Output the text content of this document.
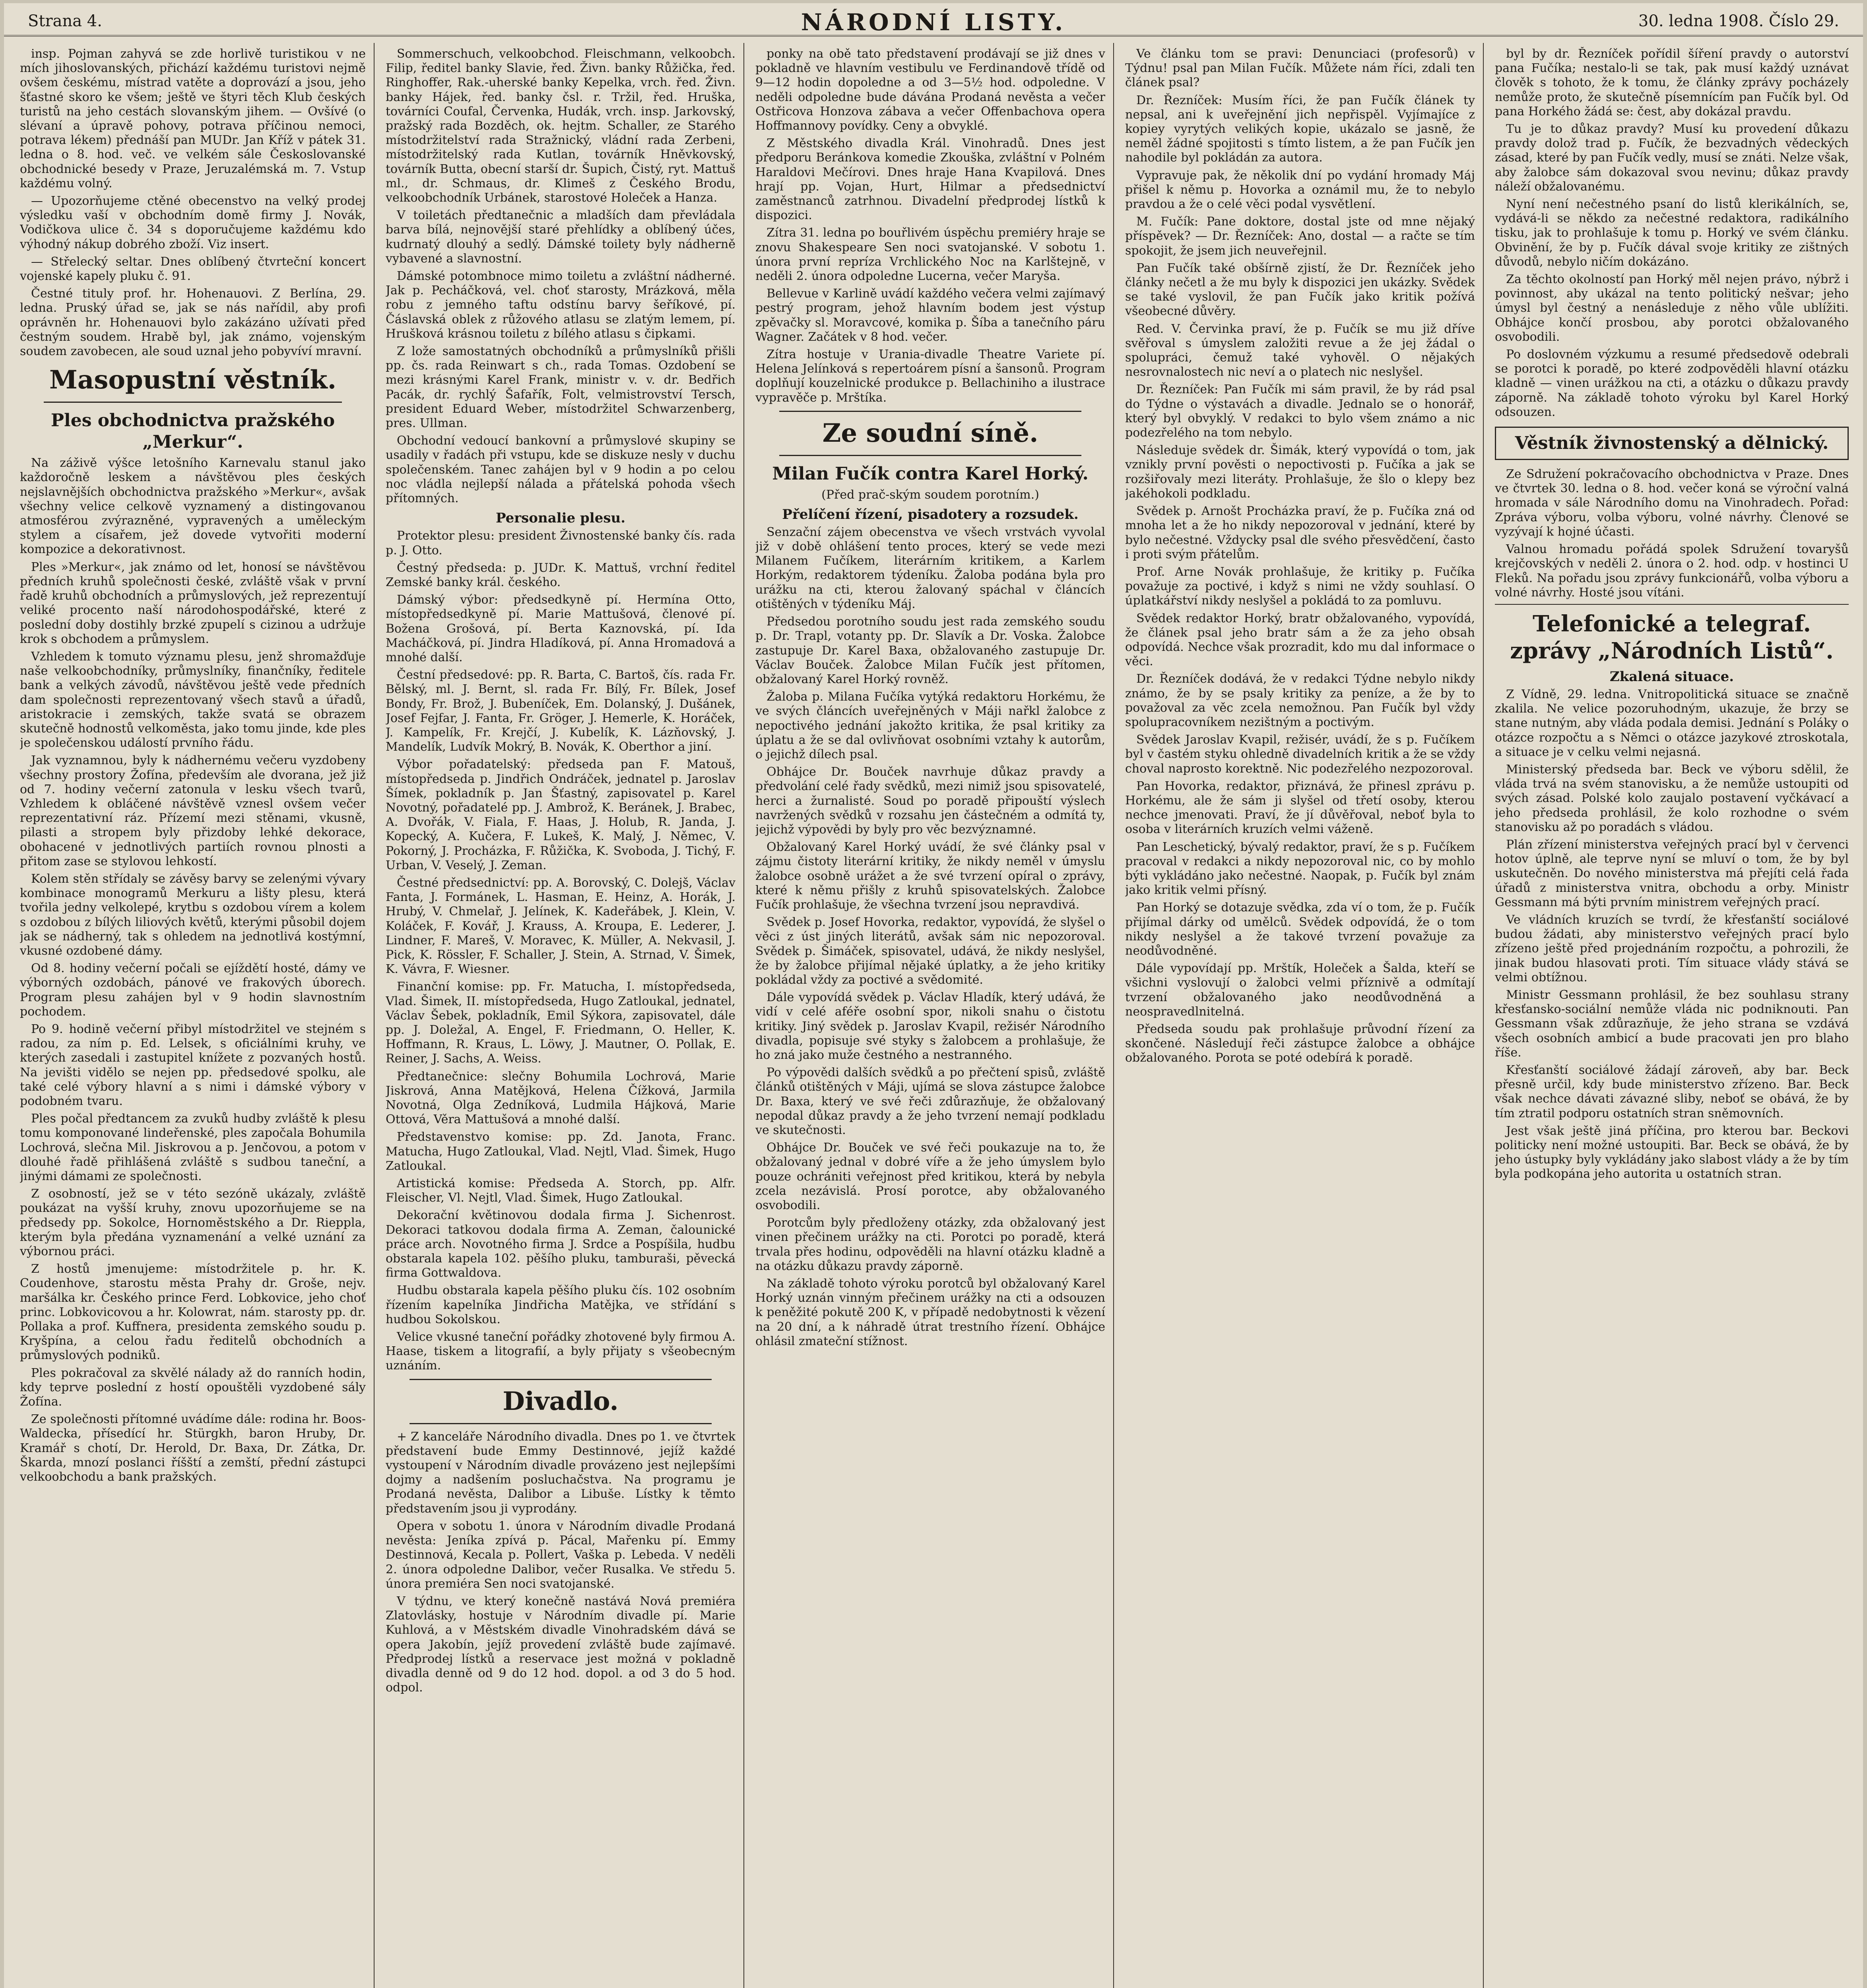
Strana 4.	NÁRODNÍ LISTY.	30. ledna 1908. Číslo 29.

insp. Pojman zahyvá se zde horlivě turistikou v ne mích jihoslovanských, přichází každému turistovi nejmě ovšem českému, místrad vatěte a doprovází a jsou, jeho šťastné skoro ke všem; ještě ve štyri těch Klub českých turistů na jeho cestách slovanským jihem. — Ovšívé (o slévaní a úpravě pohovy, potrava příčinou nemoci, potrava lékem) přednáší pan MUDr. Jan Kříž v pátek 31. ledna o 8. hod. več. ve velkém sále Českoslovanské obchodnické besedy v Praze, Jeruzalémská m. 7. Vstup každému volný.

— Upozorňujeme ctěné obecenstvo na velký prodej výsledku vaší v obchodním domě firmy J. Novák, Vodičkova ulice č. 34 s doporučujeme každému kdo výhodný nákup dobrého zboží. Viz insert.

— Střelecký seltar. Dnes oblíbený čtvrteční koncert vojenské kapely pluku č. 91.

Čestné tituly prof. hr. Hohenauovi. Z Berlína, 29. ledna. Pruský úřad se, jak se nás nařídil, aby profi oprávněn hr. Hohenauovi bylo zakázáno užívati před čestným soudem. Hrabě byl, jak známo, vojenským soudem zavobecen, ale soud uznal jeho pobyvíví mravní.

Masopustní věstník.
Ples obchodnictva pražského „Merkur“.

Na záživě výšce letošního Karnevalu stanul jako každoročně leskem a návštěvou ples českých nejslavnějších obchodnictva pražského »Merkur«, avšak všechny velice celkově vyznamený a distingovanou atmosférou zvýrazněné, vypravených a uměleckým stylem a císařem, jež dovede vytvořiti moderní kompozice a dekorativnost.

Ples »Merkur«, jak známo od let, honosí se návštěvou předních kruhů společnosti české, zvláště však v první řadě kruhů obchodních a průmyslových, jež reprezentují veliké procento naší národohospodářské, které z poslední doby dostihly brzké zpupelí s cizinou a udržuje krok s obchodem a průmyslem.

Vzhledem k tomuto významu plesu, jenž shromažďuje naše velkoobchodníky, průmyslníky, finančníky, ředitele bank a velkých závodů, návštěvou ještě vede předních dam společnosti reprezentovaný všech stavů a úřadů, aristokracie i zemských, takže svatá se obrazem skutečně hodnostů velkoměsta, jako tomu jinde, kde ples je společenskou událostí prvního řádu.

Jak vyznamnou, byly k nádhernému večeru vyzdobeny všechny prostory Žofína, především ale dvorana, jež již od 7. hodiny večerní zatonula v lesku všech tvarů, Vzhledem k obláčené návštěvě vznesl ovšem večer reprezentativní ráz. Přízemí mezi stěnami, vkusně, pilasti a stropem byly přizdoby lehké dekorace, obohacené v jednotlivých partiích rovnou plnosti a přitom zase se stylovou lehkostí.

Kolem stěn střídaly se závěsy barvy se zelenými vývary kombinace monogramů Merkuru a lišty plesu, která tvořila jedny velkolepé, krytbu s ozdobou vírem a kolem s ozdobou z bílých liliových květů, kterými působil dojem jak se nádherný, tak s ohledem na jednotlivá kostýmní, vkusné ozdobené dámy.

Od 8. hodiny večerní počali se ejíždětí hosté, dámy ve výborných ozdobách, pánové ve frakových úborech. Program plesu zahájen byl v 9 hodin slavnostním pochodem.

Po 9. hodině večerní přibyl místodržitel ve stejném s radou, za ním p. Ed. Lelsek, s oficiálními kruhy, ve kterých zasedali i zastupitel knížete z pozvaných hostů. Na jevišti vidělo se nejen pp. předsedové spolku, ale také celé výbory hlavní a s nimi i dámské výbory v podobném tvaru.

Ples počal předtancem za zvuků hudby zvláště k plesu tomu komponované lindeřenské, ples započala Bohumila Lochrová, slečna Mil. Jiskrovou a p. Jenčovou, a potom v dlouhé řadě přihlášená zvláště s sudbou taneční, a jinými dámami ze společnosti.

Z osobností, jež se v této sezóně ukázaly, zvláště poukázat na vyšší kruhy, znovu upozorňujeme se na předsedy pp. Sokolce, Hornoměstského a Dr. Rieppla, kterým byla předána vyznamenání a velké uznání za výbornou práci.

Z hostů jmenujeme: místodržitele p. hr. K. Coudenhove, starostu města Prahy dr. Groše, nejv. maršálka kr. Českého prince Ferd. Lobkovice, jeho choť princ. Lobkovicovou a hr. Kolowrat, nám. starosty pp. dr. Pollaka a prof. Kuffnera, presidenta zemského soudu p. Kryšpína, a celou řadu ředitelů obchodních a průmyslových podniků.

Ples pokračoval za skvělé nálady až do ranních hodin, kdy teprve poslední z hostí opouštěli vyzdobené sály Žofína.

Ze společnosti přítomné uvádíme dále: rodina hr. Boos-Waldecka, přísedící hr. Stürgkh, baron Hruby, Dr. Kramář s chotí, Dr. Herold, Dr. Baxa, Dr. Zátka, Dr. Škarda, mnozí poslanci říšští a zemští, přední zástupci velkoobchodu a bank pražských.

Sommerschuch, velkoobchod. Fleischmann, velkoobch. Filip, ředitel banky Slavie, řed. Živn. banky Růžička, řed. Ringhoffer, Rak.-uherské banky Kepelka, vrch. řed. Živn. banky Hájek, řed. banky čsl. r. Tržil, řed. Hruška, továrníci Coufal, Červenka, Hudák, vrch. insp. Jarkovský, pražský rada Bozděch, ok. hejtm. Schaller, ze Starého místodržitelství rada Stražnický, vládní rada Zerbeni, místodržitelský rada Kutlan, továrník Hněvkovský, továrník Butta, obecní starší dr. Šupich, Čistý, ryt. Mattuš ml., dr. Schmaus, dr. Klimeš z Českého Brodu, velkoobchodník Urbánek, starostové Holeček a Hanza.

V toiletách předtanečnic a mladších dam převládala barva bílá, nejnovější staré přehlídky a oblíbený účes, kudrnatý dlouhý a sedlý. Dámské toilety byly nádherně vybavené a slavnostní.

Dámské potombnoce mimo toiletu a zvláštní nádherné. Jak p. Pecháčková, vel. choť starosty, Mrázková, měla robu z jemného taftu odstínu barvy šeříkové, pí. Čáslavská oblek z růžového atlasu se zlatým lemem, pí. Hrušková krásnou toiletu z bílého atlasu s čipkami.

Z lože samostatných obchodníků a průmyslníků přišli pp. čs. rada Reinwart s ch., rada Tomas. Ozdobení se mezi krásnými Karel Frank, ministr v. v. dr. Bedřich Pacák, dr. rychlý Šafařík, Folt, velmistrovství Tersch, president Eduard Weber, místodržitel Schwarzenberg, pres. Ullman.

Obchodní vedoucí bankovní a průmyslové skupiny se usadily v řadách při vstupu, kde se diskuze nesly v duchu společenském. Tanec zahájen byl v 9 hodin a po celou noc vládla nejlepší nálada a přátelská pohoda všech přítomných.

Personalie plesu.

Protektor plesu: president Živnostenské banky čís. rada p. J. Otto.

Čestný předseda: p. JUDr. K. Mattuš, vrchní ředitel Zemské banky král. českého.

Dámský výbor: předsedkyně pí. Hermína Otto, místopředsedkyně pí. Marie Mattušová, členové pí. Božena Grošová, pí. Berta Kaznovská, pí. Ida Macháčková, pí. Jindra Hladíková, pí. Anna Hromadová a mnohé další.

Čestní předsedové: pp. R. Barta, C. Bartoš, čís. rada Fr. Bělský, ml. J. Bernt, sl. rada Fr. Bílý, Fr. Bílek, Josef Bondy, Fr. Brož, J. Bubeníček, Em. Dolanský, J. Dušánek, Josef Fejfar, J. Fanta, Fr. Gröger, J. Hemerle, K. Horáček, J. Kampelík, Fr. Krejčí, J. Kubelík, K. Lázňovský, J. Mandelík, Ludvík Mokrý, B. Novák, K. Oberthor a jiní.

Výbor pořadatelský: předseda pan F. Matouš, místopředseda p. Jindřich Ondráček, jednatel p. Jaroslav Šímek, pokladník p. Jan Šťastný, zapisovatel p. Karel Novotný, pořadatelé pp. J. Ambrož, K. Beránek, J. Brabec, A. Dvořák, V. Fiala, F. Haas, J. Holub, R. Janda, J. Kopecký, A. Kučera, F. Lukeš, K. Malý, J. Němec, V. Pokorný, J. Procházka, F. Růžička, K. Svoboda, J. Tichý, F. Urban, V. Veselý, J. Zeman.

Čestné předsednictví: pp. A. Borovský, C. Dolejš, Václav Fanta, J. Formánek, L. Hasman, E. Heinz, A. Horák, J. Hrubý, V. Chmelař, J. Jelínek, K. Kadeřábek, J. Klein, V. Koláček, F. Kovář, J. Krauss, A. Kroupa, E. Lederer, J. Lindner, F. Mareš, V. Moravec, K. Müller, A. Nekvasil, J. Pick, K. Rössler, F. Schaller, J. Stein, A. Strnad, V. Šimek, K. Vávra, F. Wiesner.

Finanční komise: pp. Fr. Matucha, I. místopředseda, Vlad. Šimek, II. místopředseda, Hugo Zatloukal, jednatel, Václav Šebek, pokladník, Emil Sýkora, zapisovatel, dále pp. J. Doležal, A. Engel, F. Friedmann, O. Heller, K. Hoffmann, R. Kraus, L. Löwy, J. Mautner, O. Pollak, E. Reiner, J. Sachs, A. Weiss.

Předtanečnice: slečny Bohumila Lochrová, Marie Jiskrová, Anna Matějková, Helena Čížková, Jarmila Novotná, Olga Zedníková, Ludmila Hájková, Marie Ottová, Věra Mattušová a mnohé další.

Představenstvo komise: pp. Zd. Janota, Franc. Matucha, Hugo Zatloukal, Vlad. Nejtl, Vlad. Šimek, Hugo Zatloukal.

Artistická komise: Předseda A. Storch, pp. Alfr. Fleischer, Vl. Nejtl, Vlad. Šimek, Hugo Zatloukal.

Dekorační květinovou dodala firma J. Sichenrost. Dekoraci tatkovou dodala firma A. Zeman, čalounické práce arch. Novotného firma J. Srdce a Pospíšila, hudbu obstarala kapela 102. pěšího pluku, tamburaši, pěvecká firma Gottwaldova.

Hudbu obstarala kapela pěšího pluku čís. 102 osobním řízením kapelníka Jindřicha Matějka, ve střídání s hudbou Sokolskou.

Velice vkusné taneční pořádky zhotovené byly firmou A. Haase, tiskem a litografií, a byly přijaty s všeobecným uznáním.

Divadlo.

+ Z kanceláře Národního divadla. Dnes po 1. ve čtvrtek představení bude Emmy Destinnové, jejíž každé vystoupení v Národním divadle provázeno jest nejlepšími dojmy a nadšením posluchačstva. Na programu je Prodaná nevěsta, Dalibor a Libuše. Lístky k těmto představením jsou ji vyprodány.

Opera v sobotu 1. února v Národním divadle Prodaná nevěsta: Jeníka zpívá p. Pácal, Mařenku pí. Emmy Destinnová, Kecala p. Pollert, Vaška p. Lebeda. V neděli 2. února odpoledne Dalibor, večer Rusalka. Ve středu 5. února premiéra Sen noci svatojanské.

V týdnu, ve který konečně nastává Nová premiéra Zlatovlásky, hostuje v Národním divadle pí. Marie Kuhlová, a v Městském divadle Vinohradském dává se opera Jakobín, jejíž provedení zvláště bude zajímavé. Předprodej lístků a reservace jest možná v pokladně divadla denně od 9 do 12 hod. dopol. a od 3 do 5 hod. odpol.

ponky na obě tato představení prodávají se již dnes v pokladně ve hlavním vestibulu ve Ferdinandově třídě od 9—12 hodin dopoledne a od 3—5½ hod. odpoledne. V neděli odpoledne bude dávána Prodaná nevěsta a večer Ostřicova Honzova zábava a večer Offenbachova opera Hoffmannovy povídky. Ceny a obvyklé.

Z Městského divadla Král. Vinohradů. Dnes jest předporu Beránkova komedie Zkouška, zvláštní v Polném Haraldovi Mečírovi. Dnes hraje Hana Kvapilová. Dnes hrají pp. Vojan, Hurt, Hilmar a předsednictví zaměstnanců zatrhnou. Divadelní předprodej lístků k dispozici.

Zítra 31. ledna po bouřlivém úspěchu premiéry hraje se znovu Shakespeare Sen noci svatojanské. V sobotu 1. února první repríza Vrchlického Noc na Karlštejně, v neděli 2. února odpoledne Lucerna, večer Maryša.

Bellevue v Karlině uvádí každého večera velmi zajímavý pestrý program, jehož hlavním bodem jest výstup zpěvačky sl. Moravcové, komika p. Šíba a tanečního páru Wagner. Začátek v 8 hod. večer.

Zítra hostuje v Urania-divadle Theatre Variete pí. Helena Jelínková s repertoárem písní a šansonů. Program doplňují kouzelnické produkce p. Bellachiniho a ilustrace vypravěče p. Mrštíka.

Ze soudní síně.
Milan Fučík contra Karel Horký.
(Před prač-ským soudem porotním.)
Přelíčení řízení, pisadotery a rozsudek.

Senzační zájem obecenstva ve všech vrstvách vyvolal již v době ohlášení tento proces, který se vede mezi Milanem Fučíkem, literárním kritikem, a Karlem Horkým, redaktorem týdeníku. Žaloba podána byla pro urážku na cti, kterou žalovaný spáchal v článcích otištěných v týdeníku Máj.

Předsedou porotního soudu jest rada zemského soudu p. Dr. Trapl, votanty pp. Dr. Slavík a Dr. Voska. Žalobce zastupuje Dr. Karel Baxa, obžalovaného zastupuje Dr. Václav Bouček. Žalobce Milan Fučík jest přítomen, obžalovaný Karel Horký rovněž.

Žaloba p. Milana Fučíka vytýká redaktoru Horkému, že ve svých článcích uveřejněných v Máji nařkl žalobce z nepoctivého jednání jakožto kritika, že psal kritiky za úplatu a že se dal ovlivňovat osobními vztahy k autorům, o jejichž dílech psal.

Obhájce Dr. Bouček navrhuje důkaz pravdy a předvolání celé řady svědků, mezi nimiž jsou spisovatelé, herci a žurnalisté. Soud po poradě připouští výslech navržených svědků v rozsahu jen částečném a odmítá ty, jejichž výpovědi by byly pro věc bezvýznamné.

Obžalovaný Karel Horký uvádí, že své články psal v zájmu čistoty literární kritiky, že nikdy neměl v úmyslu žalobce osobně urážet a že své tvrzení opíral o zprávy, které k němu přišly z kruhů spisovatelských. Žalobce Fučík prohlašuje, že všechna tvrzení jsou nepravdivá.

Svědek p. Josef Hovorka, redaktor, vypovídá, že slyšel o věci z úst jiných literátů, avšak sám nic nepozoroval. Svědek p. Šimáček, spisovatel, udává, že nikdy neslyšel, že by žalobce přijímal nějaké úplatky, a že jeho kritiky pokládal vždy za poctivé a svědomité.

Dále vypovídá svědek p. Václav Hladík, který udává, že vidí v celé aféře osobní spor, nikoli snahu o čistotu kritiky. Jiný svědek p. Jaroslav Kvapil, režisér Národního divadla, popisuje své styky s žalobcem a prohlašuje, že ho zná jako muže čestného a nestranného.

Po výpovědi dalších svědků a po přečtení spisů, zvláště článků otištěných v Máji, ujímá se slova zástupce žalobce Dr. Baxa, který ve své řeči zdůrazňuje, že obžalovaný nepodal důkaz pravdy a že jeho tvrzení nemají podkladu ve skutečnosti.

Obhájce Dr. Bouček ve své řeči poukazuje na to, že obžalovaný jednal v dobré víře a že jeho úmyslem bylo pouze ochrániti veřejnost před kritikou, která by nebyla zcela nezávislá. Prosí porotce, aby obžalovaného osvobodili.

Porotcům byly předloženy otázky, zda obžalovaný jest vinen přečinem urážky na cti. Porotci po poradě, která trvala přes hodinu, odpověděli na hlavní otázku kladně a na otázku důkazu pravdy záporně.

Na základě tohoto výroku porotců byl obžalovaný Karel Horký uznán vinným přečinem urážky na cti a odsouzen k peněžité pokutě 200 K, v případě nedobytnosti k vězení na 20 dní, a k náhradě útrat trestního řízení. Obhájce ohlásil zmateční stížnost.

Ve článku tom se pravi: Denunciaci (profesorů) v Týdnu! psal pan Milan Fučík. Můžete nám říci, zdali ten článek psal?

Dr. Řezníček: Musím říci, že pan Fučík článek ty nepsal, ani k uveřejnění jich nepřispěl. Vyjímajíce z kopiey vyrytých velikých kopie, ukázalo se jasně, že neměl žádné spojitosti s tímto listem, a že pan Fučík jen nahodile byl pokládán za autora.

Vypravuje pak, že několik dní po vydání hromady Máj přišel k němu p. Hovorka a oznámil mu, že to nebylo pravdou a že o celé věci podal vysvětlení.

M. Fučík: Pane doktore, dostal jste od mne nějaký příspěvek? — Dr. Řezníček: Ano, dostal — a račte se tím spokojit, že jsem jich neuveřejnil.

Pan Fučík také obšírně zjistí, že Dr. Řezníček jeho články nečetl a že mu byly k dispozici jen ukázky. Svědek se také vyslovil, že pan Fučík jako kritik požívá všeobecné důvěry.

Red. V. Červinka praví, že p. Fučík se mu již dříve svěřoval s úmyslem založiti revue a že jej žádal o spolupráci, čemuž také vyhověl. O nějakých nesrovnalostech nic neví a o platech nic neslyšel.

Dr. Řezníček: Pan Fučík mi sám pravil, že by rád psal do Týdne o výstavách a divadle. Jednalo se o honorář, který byl obvyklý. V redakci to bylo všem známo a nic podezřelého na tom nebylo.

Následuje svědek dr. Šimák, který vypovídá o tom, jak vznikly první pověsti o nepoctivosti p. Fučíka a jak se rozšiřovaly mezi literáty. Prohlašuje, že šlo o klepy bez jakéhokoli podkladu.

Svědek p. Arnošt Procházka praví, že p. Fučíka zná od mnoha let a že ho nikdy nepozoroval v jednání, které by bylo nečestné. Vždycky psal dle svého přesvědčení, často i proti svým přátelům.

Prof. Arne Novák prohlašuje, že kritiky p. Fučíka považuje za poctivé, i když s nimi ne vždy souhlasí. O úplatkářství nikdy neslyšel a pokládá to za pomluvu.

Svědek redaktor Horký, bratr obžalovaného, vypovídá, že článek psal jeho bratr sám a že za jeho obsah odpovídá. Nechce však prozradit, kdo mu dal informace o věci.

Dr. Řezníček dodává, že v redakci Týdne nebylo nikdy známo, že by se psaly kritiky za peníze, a že by to považoval za věc zcela nemožnou. Pan Fučík byl vždy spolupracovníkem nezištným a poctivým.

Svědek Jaroslav Kvapil, režisér, uvádí, že s p. Fučíkem byl v častém styku ohledně divadelních kritik a že se vždy choval naprosto korektně. Nic podezřelého nezpozoroval.

Pan Hovorka, redaktor, přiznává, že přinesl zprávu p. Horkému, ale že sám ji slyšel od třetí osoby, kterou nechce jmenovati. Praví, že jí důvěřoval, neboť byla to osoba v literárních kruzích velmi váženě.

Pan Leschetický, bývalý redaktor, praví, že s p. Fučíkem pracoval v redakci a nikdy nepozoroval nic, co by mohlo býti vykládáno jako nečestné. Naopak, p. Fučík byl znám jako kritik velmi přísný.

Pan Horký se dotazuje svědka, zda ví o tom, že p. Fučík přijímal dárky od umělců. Svědek odpovídá, že o tom nikdy neslyšel a že takové tvrzení považuje za neodůvodněné.

Dále vypovídají pp. Mrštík, Holeček a Šalda, kteří se všichni vyslovují o žalobci velmi příznivě a odmítají tvrzení obžalovaného jako neodůvodněná a neospravedlnitelná.

Předseda soudu pak prohlašuje průvodní řízení za skončené. Následují řeči zástupce žalobce a obhájce obžalovaného. Porota se poté odebírá k poradě.

byl by dr. Řezníček pořídil šíření pravdy o autorství pana Fučíka; nestalo-li se tak, pak musí každý uznávat člověk s tohoto, že k tomu, že články zprávy pocházely nemůže proto, že skutečně písemnícím pan Fučík byl. Od pana Horkého žádá se: čest, aby dokázal pravdu.

Tu je to důkaz pravdy? Musí ku provedení důkazu pravdy dolož trad p. Fučík, že bezvadných vědeckých zásad, které by pan Fučík vedly, musí se znáti. Nelze však, aby žalobce sám dokazoval svou nevinu; důkaz pravdy náleží obžalovanému.

Nyní není nečestného psaní do listů klerikálních, se, vydává-li se někdo za nečestné redaktora, radikálního tisku, jak to prohlašuje k tomu p. Horký ve svém článku. Obvinění, že by p. Fučík dával svoje kritiky ze zištných důvodů, nebylo ničím dokázáno.

Za těchto okolností pan Horký měl nejen právo, nýbrž i povinnost, aby ukázal na tento politický nešvar; jeho úmysl byl čestný a nenásleduje z něho vůle ublížiti. Obhájce končí prosbou, aby porotci obžalovaného osvobodili.

Po doslovném výzkumu a resumé předsedově odebrali se porotci k poradě, po které zodpověděli hlavní otázku kladně — vinen urážkou na cti, a otázku o důkazu pravdy záporně. Na základě tohoto výroku byl Karel Horký odsouzen.

Věstník živnostenský a dělnický.

Ze Sdružení pokračovacího obchodnictva v Praze. Dnes ve čtvrtek 30. ledna o 8. hod. večer koná se výroční valná hromada v sále Národního domu na Vinohradech. Pořad: Zpráva výboru, volba výboru, volné návrhy. Členové se vyzývají k hojné účasti.

Valnou hromadu pořádá spolek Sdružení tovaryšů krejčovských v neděli 2. února o 2. hod. odp. v hostinci U Fleků. Na pořadu jsou zprávy funkcionářů, volba výboru a volné návrhy. Hosté jsou vítáni.

Telefonické a telegraf. zprávy „Národních Listů“.
Zkalená situace.

Z Vídně, 29. ledna. Vnitropolitická situace se značně zkalila. Ne velice pozoruhodným, ukazuje, že brzy se stane nutným, aby vláda podala demisi. Jednání s Poláky o otázce rozpočtu a s Němci o otázce jazykové ztroskotala, a situace je v celku velmi nejasná.

Ministerský předseda bar. Beck ve výboru sdělil, že vláda trvá na svém stanovisku, a že nemůže ustoupiti od svých zásad. Polské kolo zaujalo postavení vyčkávací a jeho předseda prohlásil, že kolo rozhodne o svém stanovisku až po poradách s vládou.

Plán zřízení ministerstva veřejných prací byl v červenci hotov úplně, ale teprve nyní se mluví o tom, že by byl uskutečněn. Do nového ministerstva má přejíti celá řada úřadů z ministerstva vnitra, obchodu a orby. Ministr Gessmann má býti prvním ministrem veřejných prací.

Ve vládních kruzích se tvrdí, že křesťanští sociálové budou žádati, aby ministerstvo veřejných prací bylo zřízeno ještě před projednáním rozpočtu, a pohrozili, že jinak budou hlasovati proti. Tím situace vlády stává se velmi obtížnou.

Ministr Gessmann prohlásil, že bez souhlasu strany křesťansko-sociální nemůže vláda nic podniknouti. Pan Gessmann však zdůrazňuje, že jeho strana se vzdává všech osobních ambicí a bude pracovati jen pro blaho říše.

Křesťanští sociálové žádají zároveň, aby bar. Beck přesně určil, kdy bude ministerstvo zřízeno. Bar. Beck však nechce dávati závazné sliby, neboť se obává, že by tím ztratil podporu ostatních stran sněmovních.

Jest však ještě jiná příčina, pro kterou bar. Beckovi politicky není možné ustoupiti. Bar. Beck se obává, že by jeho ústupky byly vykládány jako slabost vlády a že by tím byla podkopána jeho autorita u ostatních stran.
